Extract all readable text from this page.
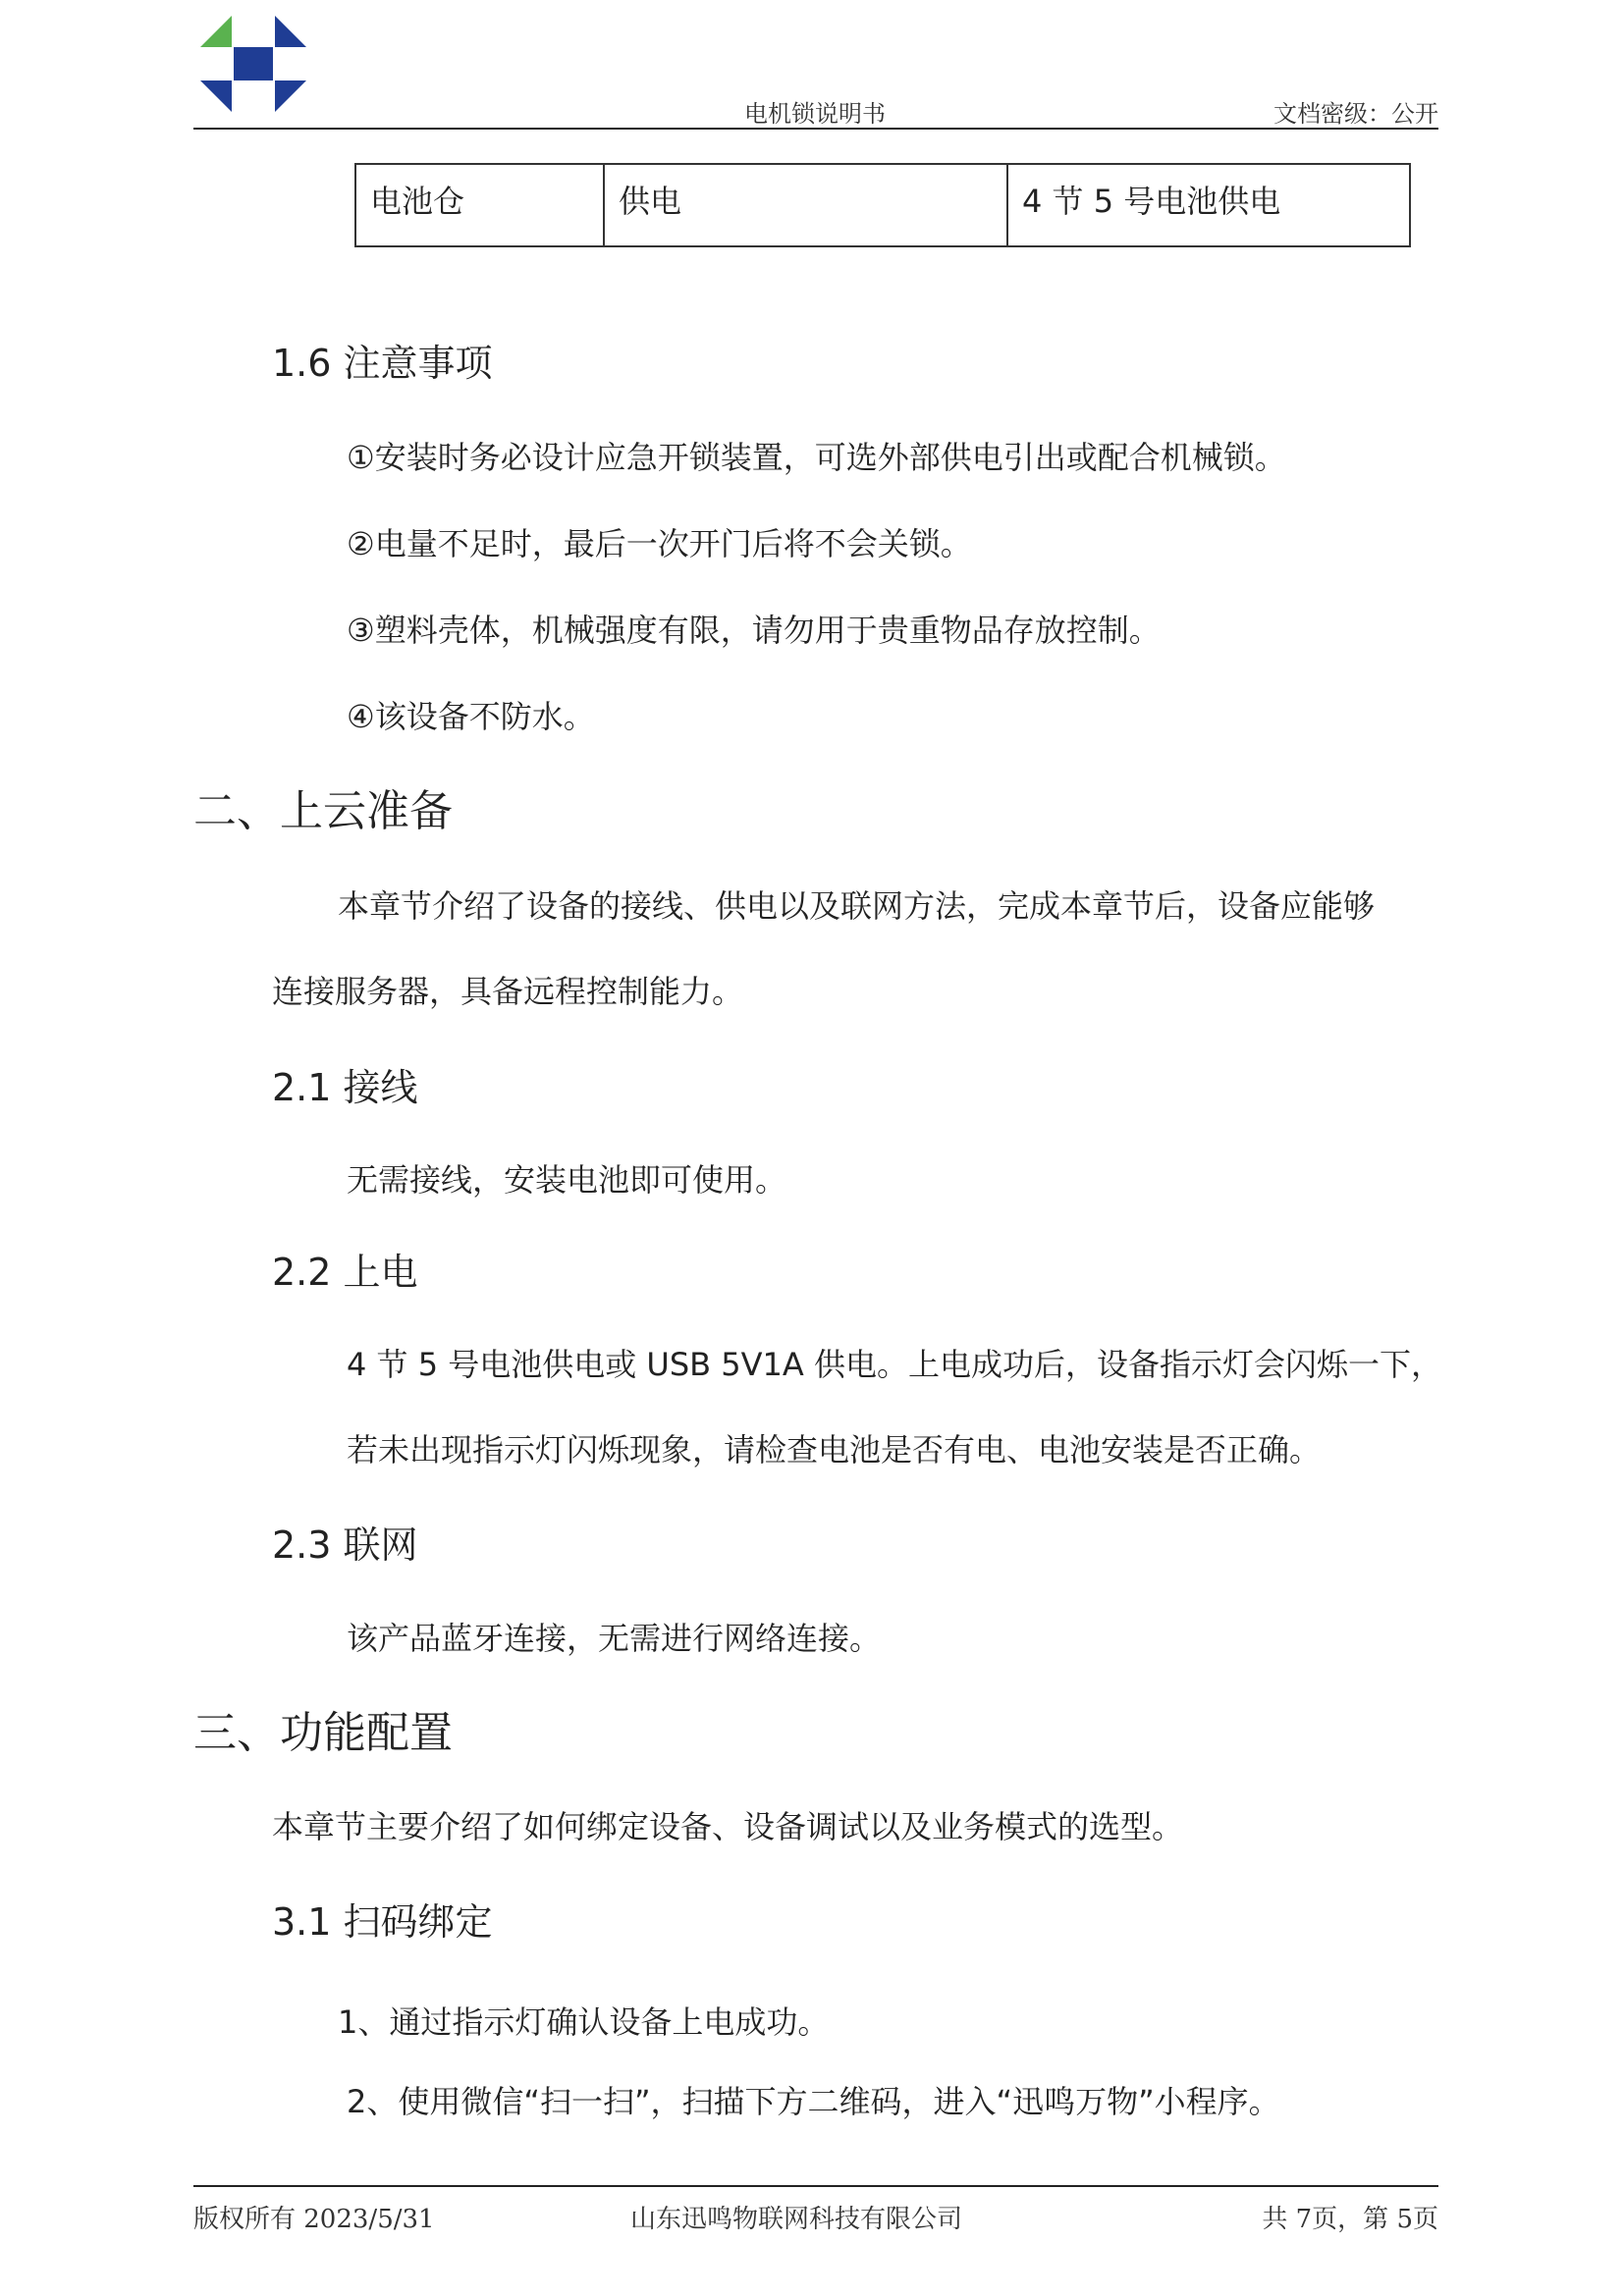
电机锁说明书	文档密级：公开
电池仓	供电	4 节 5 号电池供电
1.6 注意事项
①安装时务必设计应急开锁装置，可选外部供电引出或配合机械锁。
②电量不足时，最后一次开门后将不会关锁。
③塑料壳体，机械强度有限，请勿用于贵重物品存放控制。
④该设备不防水。
二、上云准备
本章节介绍了设备的接线、供电以及联网方法，完成本章节后，设备应能够
连接服务器，具备远程控制能力。
2.1 接线
无需接线，安装电池即可使用。
2.2 上电
4 节 5 号电池供电或 USB 5V1A 供电。上电成功后，设备指示灯会闪烁一下，
若未出现指示灯闪烁现象，请检查电池是否有电、电池安装是否正确。
2.3 联网
该产品蓝牙连接，无需进行网络连接。
三、功能配置
本章节主要介绍了如何绑定设备、设备调试以及业务模式的选型。
3.1 扫码绑定
1、通过指示灯确认设备上电成功。
2、使用微信“扫一扫”，扫描下方二维码，进入“迅鸣万物”小程序。
版权所有 2023/5/31	山东迅鸣物联网科技有限公司	共 7页，第 5页
